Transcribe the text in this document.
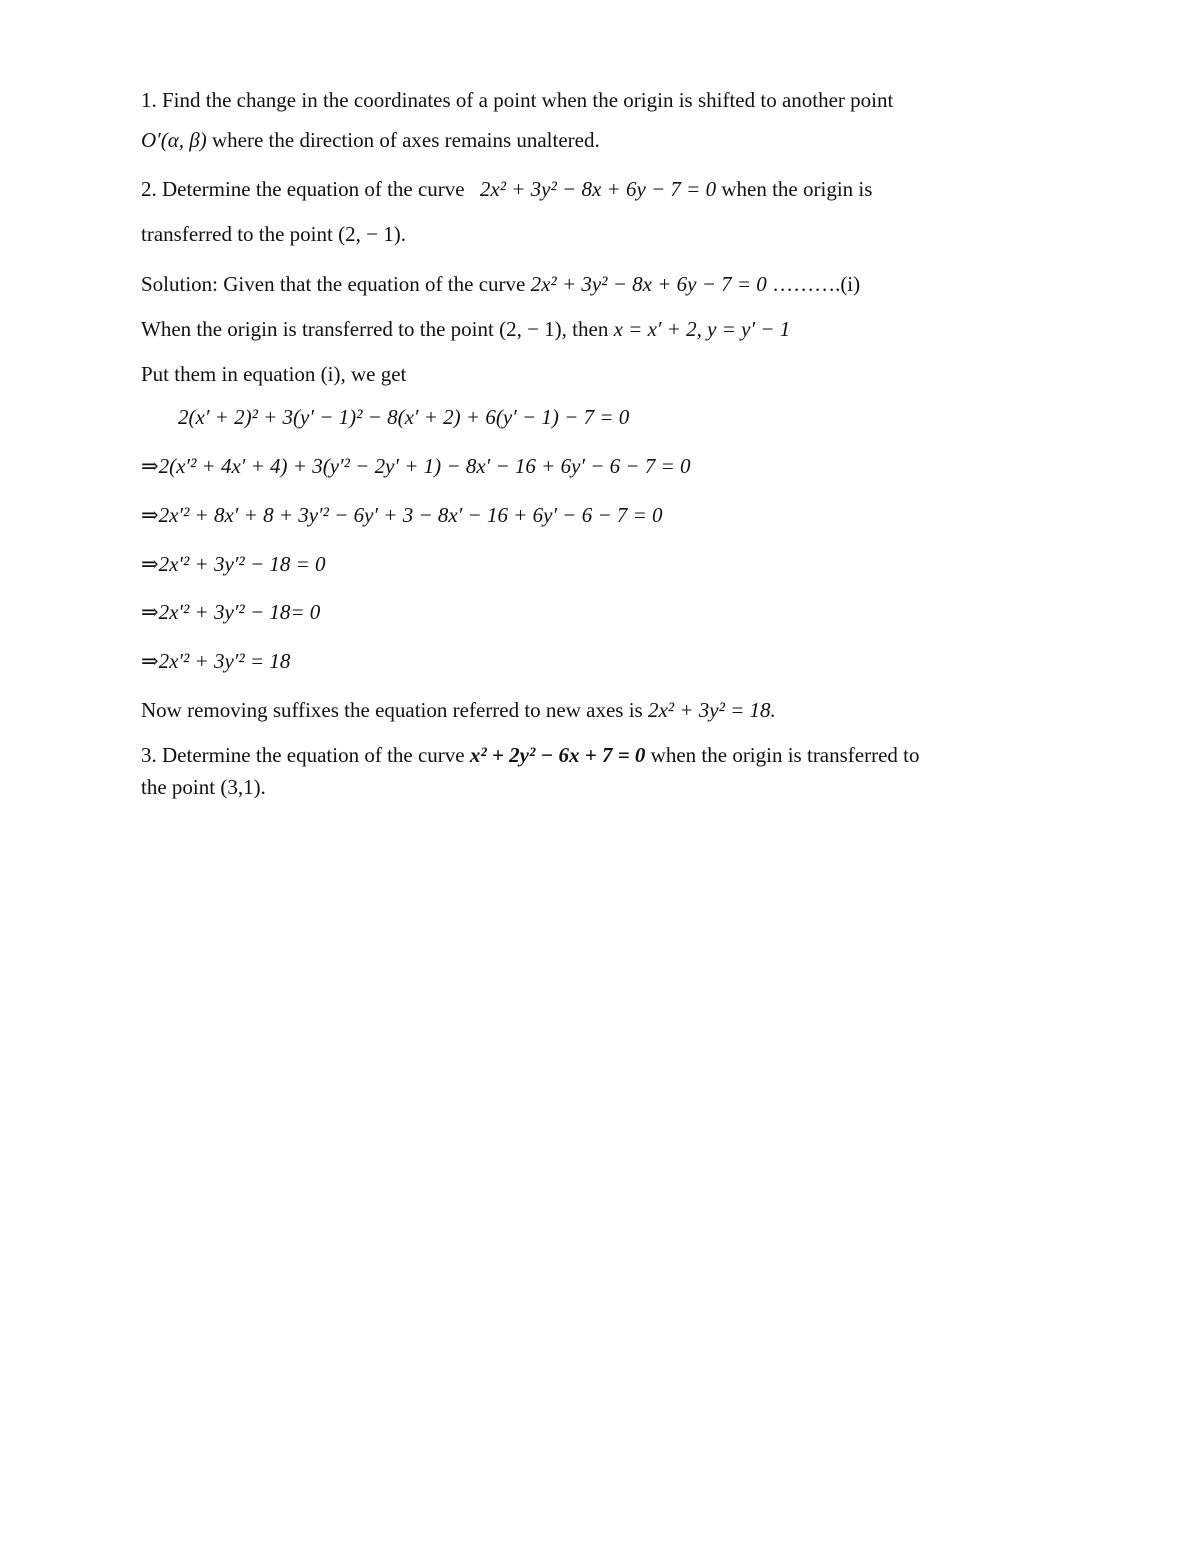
1. Find the change in the coordinates of a point when the origin is shifted to another point
O′(α, β) where the direction of axes remains unaltered.
2. Determine the equation of the curve 2x² + 3y² − 8x + 6y − 7 = 0 when the origin is
transferred to the point (2, − 1).
Solution: Given that the equation of the curve 2x² + 3y² − 8x + 6y − 7 = 0 ……….(i)
When the origin is transferred to the point (2, − 1), then x = x′ + 2, y = y′ − 1
Put them in equation (i), we get
2(x′ + 2)² + 3(y′ − 1)² − 8(x′ + 2) + 6(y′ − 1) − 7 = 0
⇒2(x′² + 4x′ + 4) + 3(y′² − 2y′ + 1) − 8x′ − 16 + 6y′ − 6 − 7 = 0
⇒2x′² + 8x′ + 8 + 3y′² − 6y′ + 3 − 8x′ − 16 + 6y′ − 6 − 7 = 0
⇒2x′² + 3y′² − 18 = 0
⇒2x′² + 3y′² − 18= 0
⇒2x′² + 3y′² = 18
Now removing suffixes the equation referred to new axes is 2x² + 3y² = 18.
3. Determine the equation of the curve x² + 2y² − 6x + 7 = 0 when the origin is transferred to
the point (3,1).
